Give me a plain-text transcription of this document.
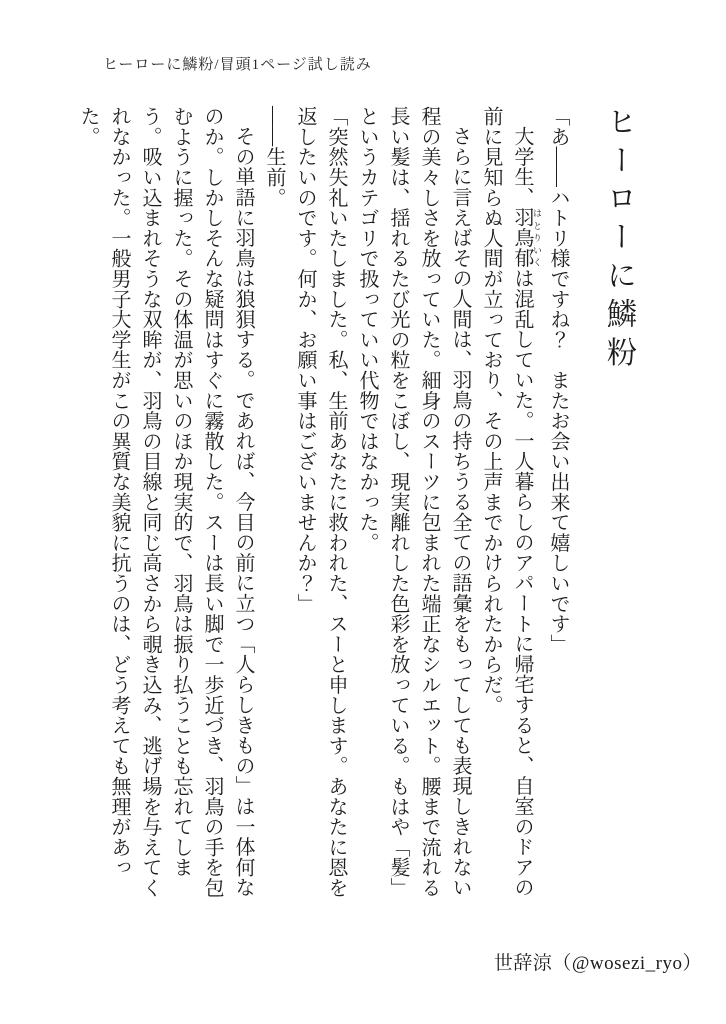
ヒーローに鱗粉/冒頭1ページ試し読み
ヒーローに鱗粉

「あ――ハトリ様ですね？　またお会い出来て嬉しいです」

大学生、羽鳥郁 はとりいくは混乱していた。一人暮らしのアパートに帰宅すると、自室のドアの前に見知らぬ人間が立っており、その上声までかけられたからだ。

さらに言えばその人間は、羽鳥の持ちうる全ての語彙をもってしても表現しきれない程の美々しさを放っていた。細身のスーツに包まれた端正なシルエット。腰まで流れる長い髪は、揺れるたび光の粒をこぼし、現実離れした色彩を放っている。もはや「髪」というカテゴリで扱っていい代物ではなかった。

「突然失礼いたしました。私、生前あなたに救われた、スーと申します。あなたに恩を返したいのです。何か、お願い事はございませんか？」

――生前。

その単語に羽鳥は狼狽する。であれば、今目の前に立つ「人らしきもの」は一体何なのか。しかしそんな疑問はすぐに霧散した。スーは長い脚で一歩近づき、羽鳥の手を包むように握った。その体温が思いのほか現実的で、羽鳥は振り払うことも忘れてしまう。吸い込まれそうな双眸が、羽鳥の目線と同じ高さから覗き込み、逃げ場を与えてくれなかった。一般男子大学生がこの異質な美貌に抗うのは、どう考えても無理があった。

世辞涼（@wosezi_ryo）
